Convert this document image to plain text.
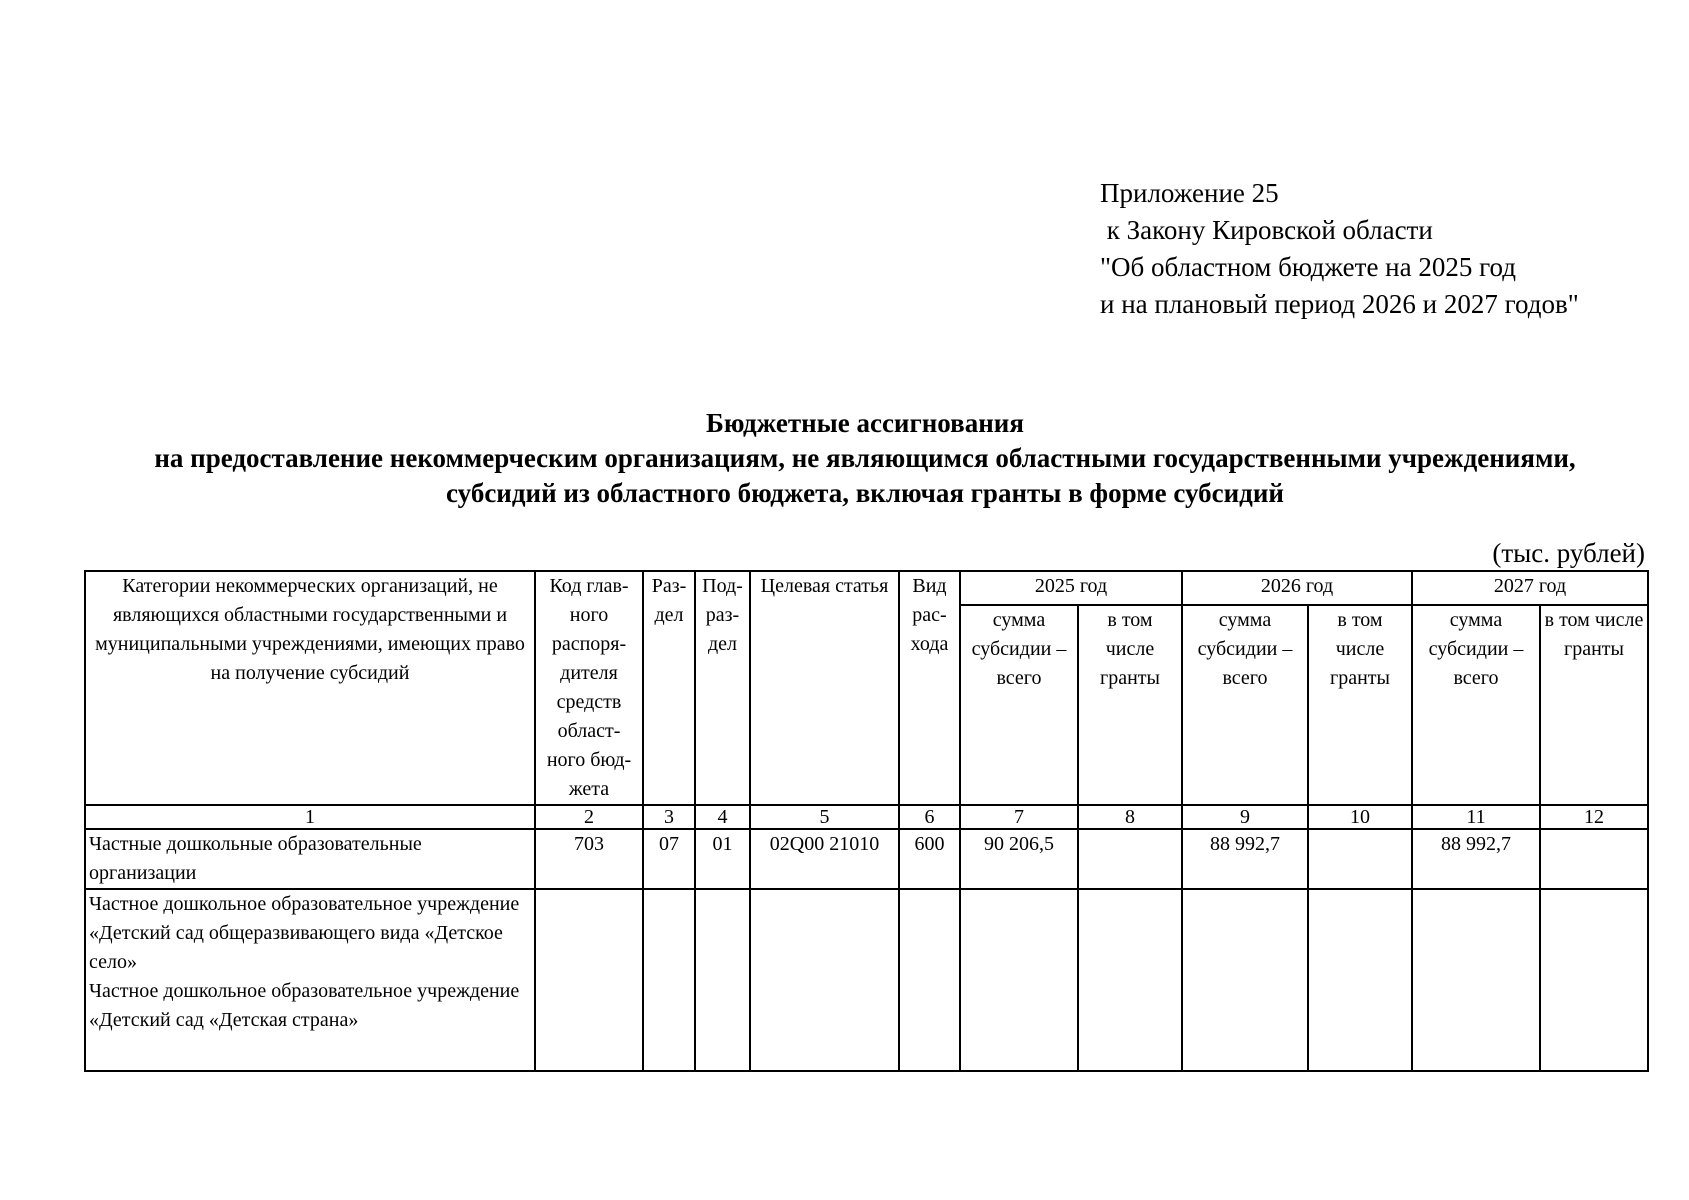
Приложение 25
к Закону Кировской области
"Об областном бюджете на 2025 год
и на плановый период 2026 и 2027 годов"
Бюджетные ассигнования
на предоставление некоммерческим организациям, не являющимся областными государственными учреждениями,
субсидий из областного бюджета, включая гранты в форме субсидий
(тыс. рублей)
Категории некоммерческих организаций, не являющихся областными государственными и муниципальными учреждениями, имеющих право на получение субсидий	Код глав-ного распоря-дителя средств област-ного бюд-жета	Раз-дел	Под-раз-дел	Целевая статья	Вид рас-хода	2025 год		2026 год		2027 год	
						сумма субсидии – всего	в том числе гранты	сумма субсидии – всего	в том числе гранты	сумма субсидии – всего	в том числе гранты
1	2	3	4	5	6	7	8	9	10	11	12
Частные дошкольные образовательные организации	703	07	01	02Q00 21010	600	90 206,5		88 992,7		88 992,7	

Частное дошкольное образовательное учреждение «Детский сад общеразвивающего вида «Детское село»
Частное дошкольное образовательное учреждение «Детский сад «Детская страна»											
